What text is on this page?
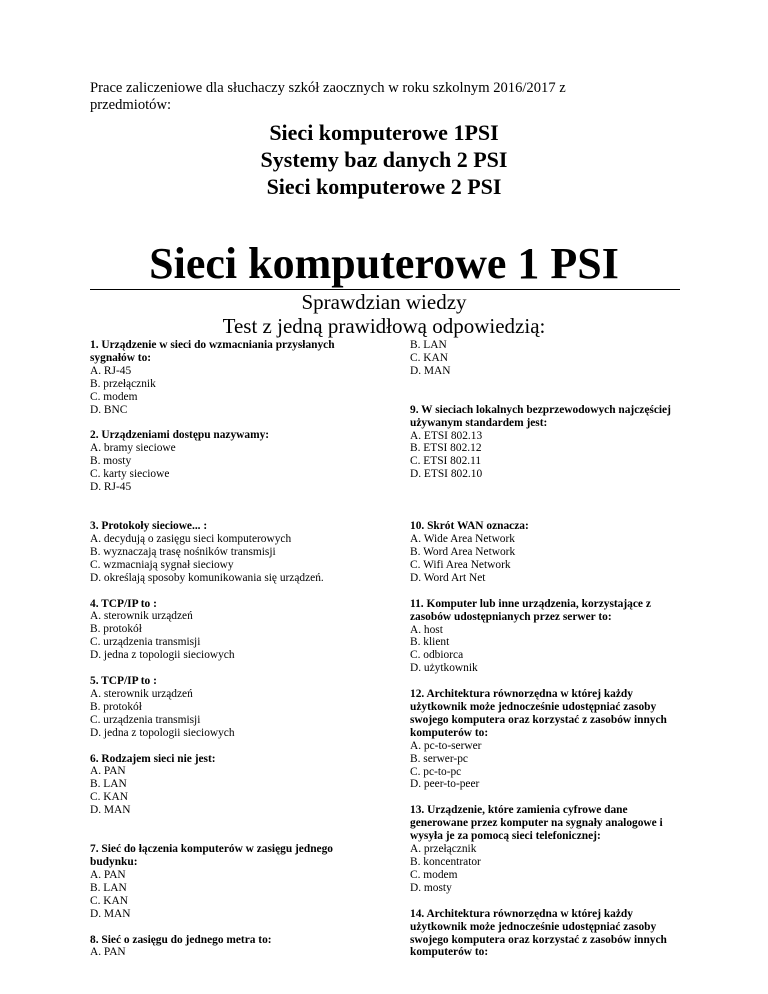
Prace zaliczeniowe dla słuchaczy szkół zaocznych w roku szkolnym 2016/2017 z przedmiotów:
Sieci komputerowe 1PSI
Systemy baz danych 2 PSI
Sieci komputerowe 2 PSI
Sieci komputerowe 1 PSI
Sprawdzian wiedzy
Test z jedną prawidłową odpowiedzią:
1. Urządzenie w sieci do wzmacniania przysłanych
sygnałów to:
A. RJ-45
B. przełącznik
C. modem
D. BNC
2. Urządzeniami dostępu nazywamy:
A. bramy sieciowe
B. mosty
C. karty sieciowe
D. RJ-45
3. Protokoły sieciowe... :
A. decydują o zasięgu sieci komputerowych
B. wyznaczają trasę nośników transmisji
C. wzmacniają sygnał sieciowy
D. określają sposoby komunikowania się urządzeń.
4. TCP/IP to :
A. sterownik urządzeń
B. protokół
C. urządzenia transmisji
D. jedna z topologii sieciowych
5. TCP/IP to :
A. sterownik urządzeń
B. protokół
C. urządzenia transmisji
D. jedna z topologii sieciowych
6. Rodzajem sieci nie jest:
A. PAN
B. LAN
C. KAN
D. MAN
7. Sieć do łączenia komputerów w zasięgu jednego
budynku:
A. PAN
B. LAN
C. KAN
D. MAN
8. Sieć o zasięgu do jednego metra to:
A. PAN
B. LAN
C. KAN
D. MAN
9. W sieciach lokalnych bezprzewodowych najczęściej
używanym standardem jest:
A. ETSI 802.13
B. ETSI 802.12
C. ETSI 802.11
D. ETSI 802.10
10. Skrót WAN oznacza:
A. Wide Area Network
B. Word Area Network
C. Wifi Area Network
D. Word Art Net
11. Komputer lub inne urządzenia, korzystające z
zasobów udostępnianych przez serwer to:
A. host
B. klient
C. odbiorca
D. użytkownik
12. Architektura równorzędna w której każdy
użytkownik może jednocześnie udostępniać zasoby
swojego komputera oraz korzystać z zasobów innych
komputerów to:
A. pc-to-serwer
B. serwer-pc
C. pc-to-pc
D. peer-to-peer
13. Urządzenie, które zamienia cyfrowe dane
generowane przez komputer na sygnały analogowe i
wysyła je za pomocą sieci telefonicznej:
A. przełącznik
B. koncentrator
C. modem
D. mosty
14. Architektura równorzędna w której każdy
użytkownik może jednocześnie udostępniać zasoby
swojego komputera oraz korzystać z zasobów innych
komputerów to:
